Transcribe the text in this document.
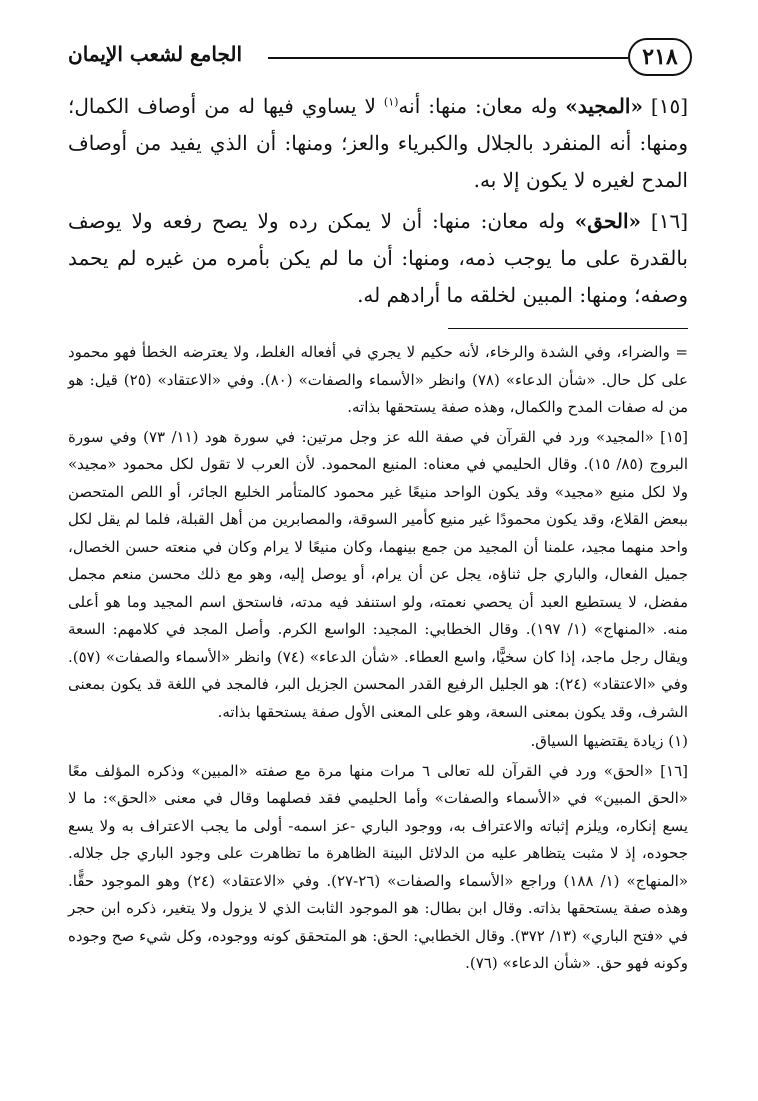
٢١٨
الجامع لشعب الإيمان

[١٥] «المجيد» وله معان: منها: أنه$^{(١)}$ لا يساوي فيها له من أوصاف الكمال؛ ومنها: أنه المنفرد بالجلال والكبرياء والعز؛ ومنها: أن الذي يفيد من أوصاف المدح لغيره لا يكون إلا به.

[١٦] «الحق» وله معان: منها: أن لا يمكن رده ولا يصح رفعه ولا يوصف بالقدرة على ما يوجب ذمه، ومنها: أن ما لم يكن بأمره من غيره لم يحمد وصفه؛ ومنها: المبين لخلقه ما أرادهم له.

= والضراء، وفي الشدة والرخاء، لأنه حكيم لا يجري في أفعاله الغلط، ولا يعترضه الخطأ فهو محمود على كل حال. «شأن الدعاء» (٧٨) وانظر «الأسماء والصفات» (٨٠). وفي «الاعتقاد» (٢٥) قيل: هو من له صفات المدح والكمال، وهذه صفة يستحقها بذاته.

[١٥] «المجيد» ورد في القرآن في صفة الله عز وجل مرتين: في سورة هود (١١/ ٧٣) وفي سورة البروج (٨٥/ ١٥). وقال الحليمي في معناه: المنيع المحمود. لأن العرب لا تقول لكل محمود «مجيد» ولا لكل منيع «مجيد» وقد يكون الواحد منيعًا غير محمود كالمتأمر الخليع الجائر، أو اللص المتحصن ببعض القلاع، وقد يكون محمودًا غير منيع كأمير السوقة، والمصابرين من أهل القبلة، فلما لم يقل لكل واحد منهما مجيد، علمنا أن المجيد من جمع بينهما، وكان منيعًا لا يرام وكان في منعته حسن الخصال، جميل الفعال، والباري جل ثناؤه، يجل عن أن يرام، أو يوصل إليه، وهو مع ذلك محسن منعم مجمل مفضل، لا يستطيع العبد أن يحصي نعمته، ولو استنفد فيه مدته، فاستحق اسم المجيد وما هو أعلى منه. «المنهاج» (١/ ١٩٧). وقال الخطابي: المجيد: الواسع الكرم. وأصل المجد في كلامهم: السعة ويقال رجل ماجد، إذا كان سخيًّا، واسع العطاء. «شأن الدعاء» (٧٤) وانظر «الأسماء والصفات» (٥٧). وفي «الاعتقاد» (٢٤): هو الجليل الرفيع القدر المحسن الجزيل البر، فالمجد في اللغة قد يكون بمعنى الشرف، وقد يكون بمعنى السعة، وهو على المعنى الأول صفة يستحقها بذاته.

(١) زيادة يقتضيها السياق.

[١٦] «الحق» ورد في القرآن لله تعالى ٦ مرات منها مرة مع صفته «المبين» وذكره المؤلف معًا «الحق المبين» في «الأسماء والصفات» وأما الحليمي فقد فصلهما وقال في معنى «الحق»: ما لا يسع إنكاره، ويلزم إثباته والاعتراف به، ووجود الباري -عز اسمه- أولى ما يجب الاعتراف به ولا يسع جحوده، إذ لا مثبت يتظاهر عليه من الدلائل البينة الظاهرة ما تظاهرت على وجود الباري جل جلاله. «المنهاج» (١/ ١٨٨) وراجع «الأسماء والصفات» (٢٦-٢٧). وفي «الاعتقاد» (٢٤) وهو الموجود حقًّا. وهذه صفة يستحقها بذاته. وقال ابن بطال: هو الموجود الثابت الذي لا يزول ولا يتغير، ذكره ابن حجر في «فتح الباري» (١٣/ ٣٧٢). وقال الخطابي: الحق: هو المتحقق كونه ووجوده، وكل شيء صح وجوده وكونه فهو حق. «شأن الدعاء» (٧٦).
